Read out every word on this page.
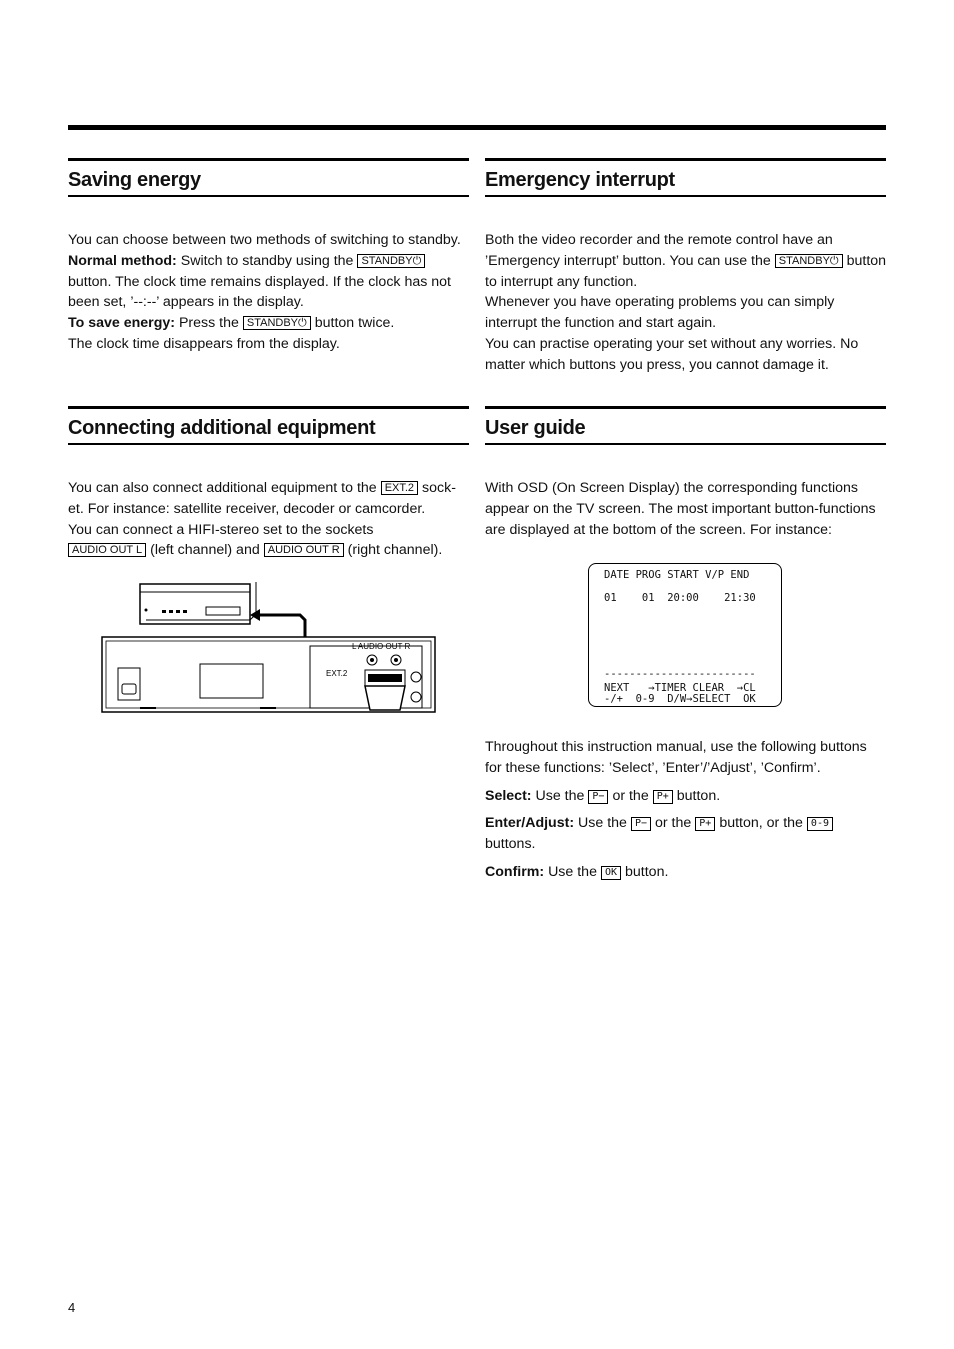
Saving energy

You can choose between two methods of switching to standby.

Normal method: Switch to standby using the STANDBY⏻button. The clock time remains displayed. If the clock has not been set, ’--:--’ appears in the display.

To save energy: Press the STANDBY⏻ button twice.

The clock time disappears from the display.

Emergency interrupt

Both the video recorder and the remote control have an ’Emergency interrupt’ button. You can use the STANDBY⏻ button to interrupt any function.

Whenever you have operating problems you can simply interrupt the function and start again.

You can practise operating your set without any worries. No matter which buttons you press, you cannot damage it.

Connecting additional equipment

You can also connect additional equipment to the EXT.2 sock-et. For instance: satellite receiver, decoder or camcorder.

You can connect a HIFI-stereo set to the sockets

AUDIO OUT L (left channel) and AUDIO OUT R (right channel).

L AUDIO OUT R
EXT.2
User guide

With OSD (On Screen Display) the corresponding functions appear on the TV screen. The most important button-functions are displayed at the bottom of the screen. For instance:

DATE PROG START V/P END

01    01  20:00    21:30

------------------------

NEXT   →TIMER CLEAR  →CL

-/+  0-9  D/W→SELECT  OK

Throughout this instruction manual, use the following buttons for these functions: ’Select’, ’Enter’/’Adjust’, ’Confirm’.

Select: Use the P− or the P+ button.

Enter/Adjust: Use the P− or the P+ button, or the 0-9buttons.

Confirm: Use the OK button.

4
